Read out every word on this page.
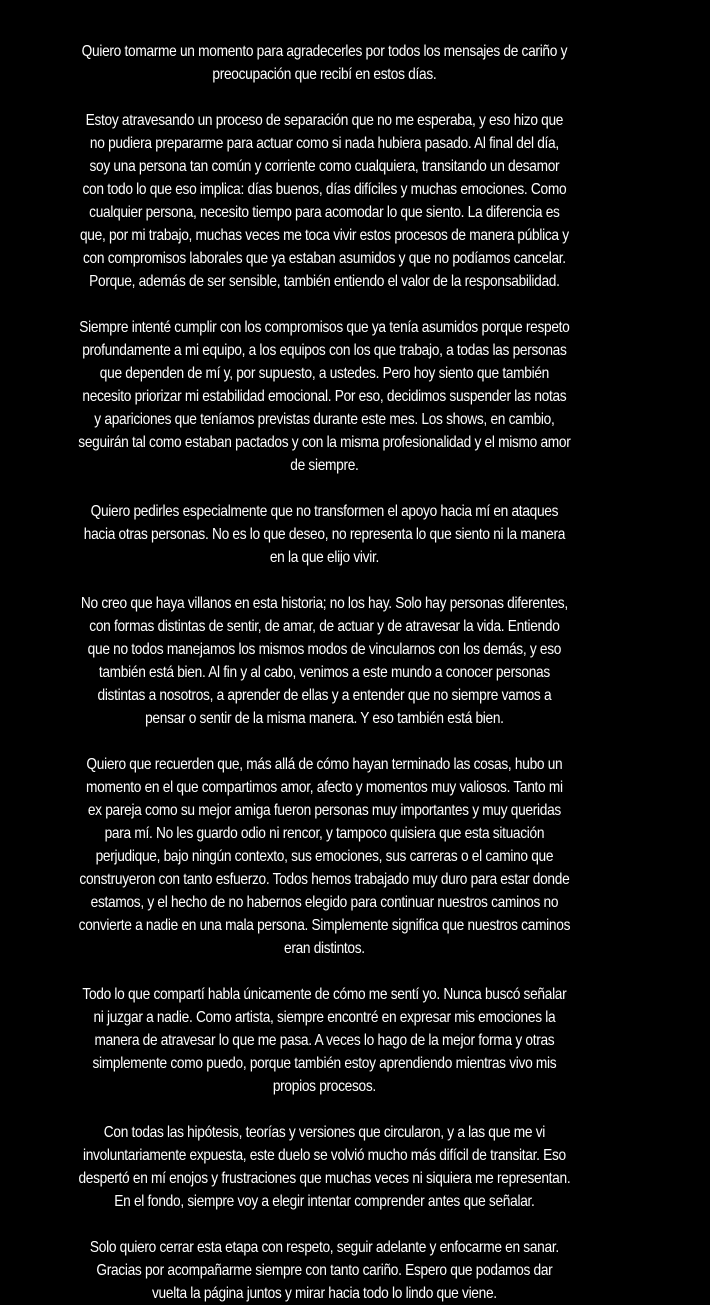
Quiero tomarme un momento para agradecerles por todos los mensajes de cariño y preocupación que recibí en estos días.

Estoy atravesando un proceso de separación que no me esperaba, y eso hizo que no pudiera prepararme para actuar como si nada hubiera pasado. Al final del día, soy una persona tan común y corriente como cualquiera, transitando un desamor con todo lo que eso implica: días buenos, días difíciles y muchas emociones. Como cualquier persona, necesito tiempo para acomodar lo que siento. La diferencia es que, por mi trabajo, muchas veces me toca vivir estos procesos de manera pública y con compromisos laborales que ya estaban asumidos y que no podíamos cancelar. Porque, además de ser sensible, también entiendo el valor de la responsabilidad.

Siempre intenté cumplir con los compromisos que ya tenía asumidos porque respeto profundamente a mi equipo, a los equipos con los que trabajo, a todas las personas que dependen de mí y, por supuesto, a ustedes. Pero hoy siento que también necesito priorizar mi estabilidad emocional. Por eso, decidimos suspender las notas y apariciones que teníamos previstas durante este mes. Los shows, en cambio, seguirán tal como estaban pactados y con la misma profesionalidad y el mismo amor de siempre.

Quiero pedirles especialmente que no transformen el apoyo hacia mí en ataques hacia otras personas. No es lo que deseo, no representa lo que siento ni la manera en la que elijo vivir.

No creo que haya villanos en esta historia; no los hay. Solo hay personas diferentes, con formas distintas de sentir, de amar, de actuar y de atravesar la vida. Entiendo que no todos manejamos los mismos modos de vincularnos con los demás, y eso también está bien. Al fin y al cabo, venimos a este mundo a conocer personas distintas a nosotros, a aprender de ellas y a entender que no siempre vamos a pensar o sentir de la misma manera. Y eso también está bien.

Quiero que recuerden que, más allá de cómo hayan terminado las cosas, hubo un momento en el que compartimos amor, afecto y momentos muy valiosos. Tanto mi ex pareja como su mejor amiga fueron personas muy importantes y muy queridas para mí. No les guardo odio ni rencor, y tampoco quisiera que esta situación perjudique, bajo ningún contexto, sus emociones, sus carreras o el camino que construyeron con tanto esfuerzo. Todos hemos trabajado muy duro para estar donde estamos, y el hecho de no habernos elegido para continuar nuestros caminos no convierte a nadie en una mala persona. Simplemente significa que nuestros caminos eran distintos.

Todo lo que compartí habla únicamente de cómo me sentí yo. Nunca buscó señalar ni juzgar a nadie. Como artista, siempre encontré en expresar mis emociones la manera de atravesar lo que me pasa. A veces lo hago de la mejor forma y otras simplemente como puedo, porque también estoy aprendiendo mientras vivo mis propios procesos.

Con todas las hipótesis, teorías y versiones que circularon, y a las que me vi involuntariamente expuesta, este duelo se volvió mucho más difícil de transitar. Eso despertó en mí enojos y frustraciones que muchas veces ni siquiera me representan. En el fondo, siempre voy a elegir intentar comprender antes que señalar.

Solo quiero cerrar esta etapa con respeto, seguir adelante y enfocarme en sanar. Gracias por acompañarme siempre con tanto cariño. Espero que podamos dar vuelta la página juntos y mirar hacia todo lo lindo que viene.
